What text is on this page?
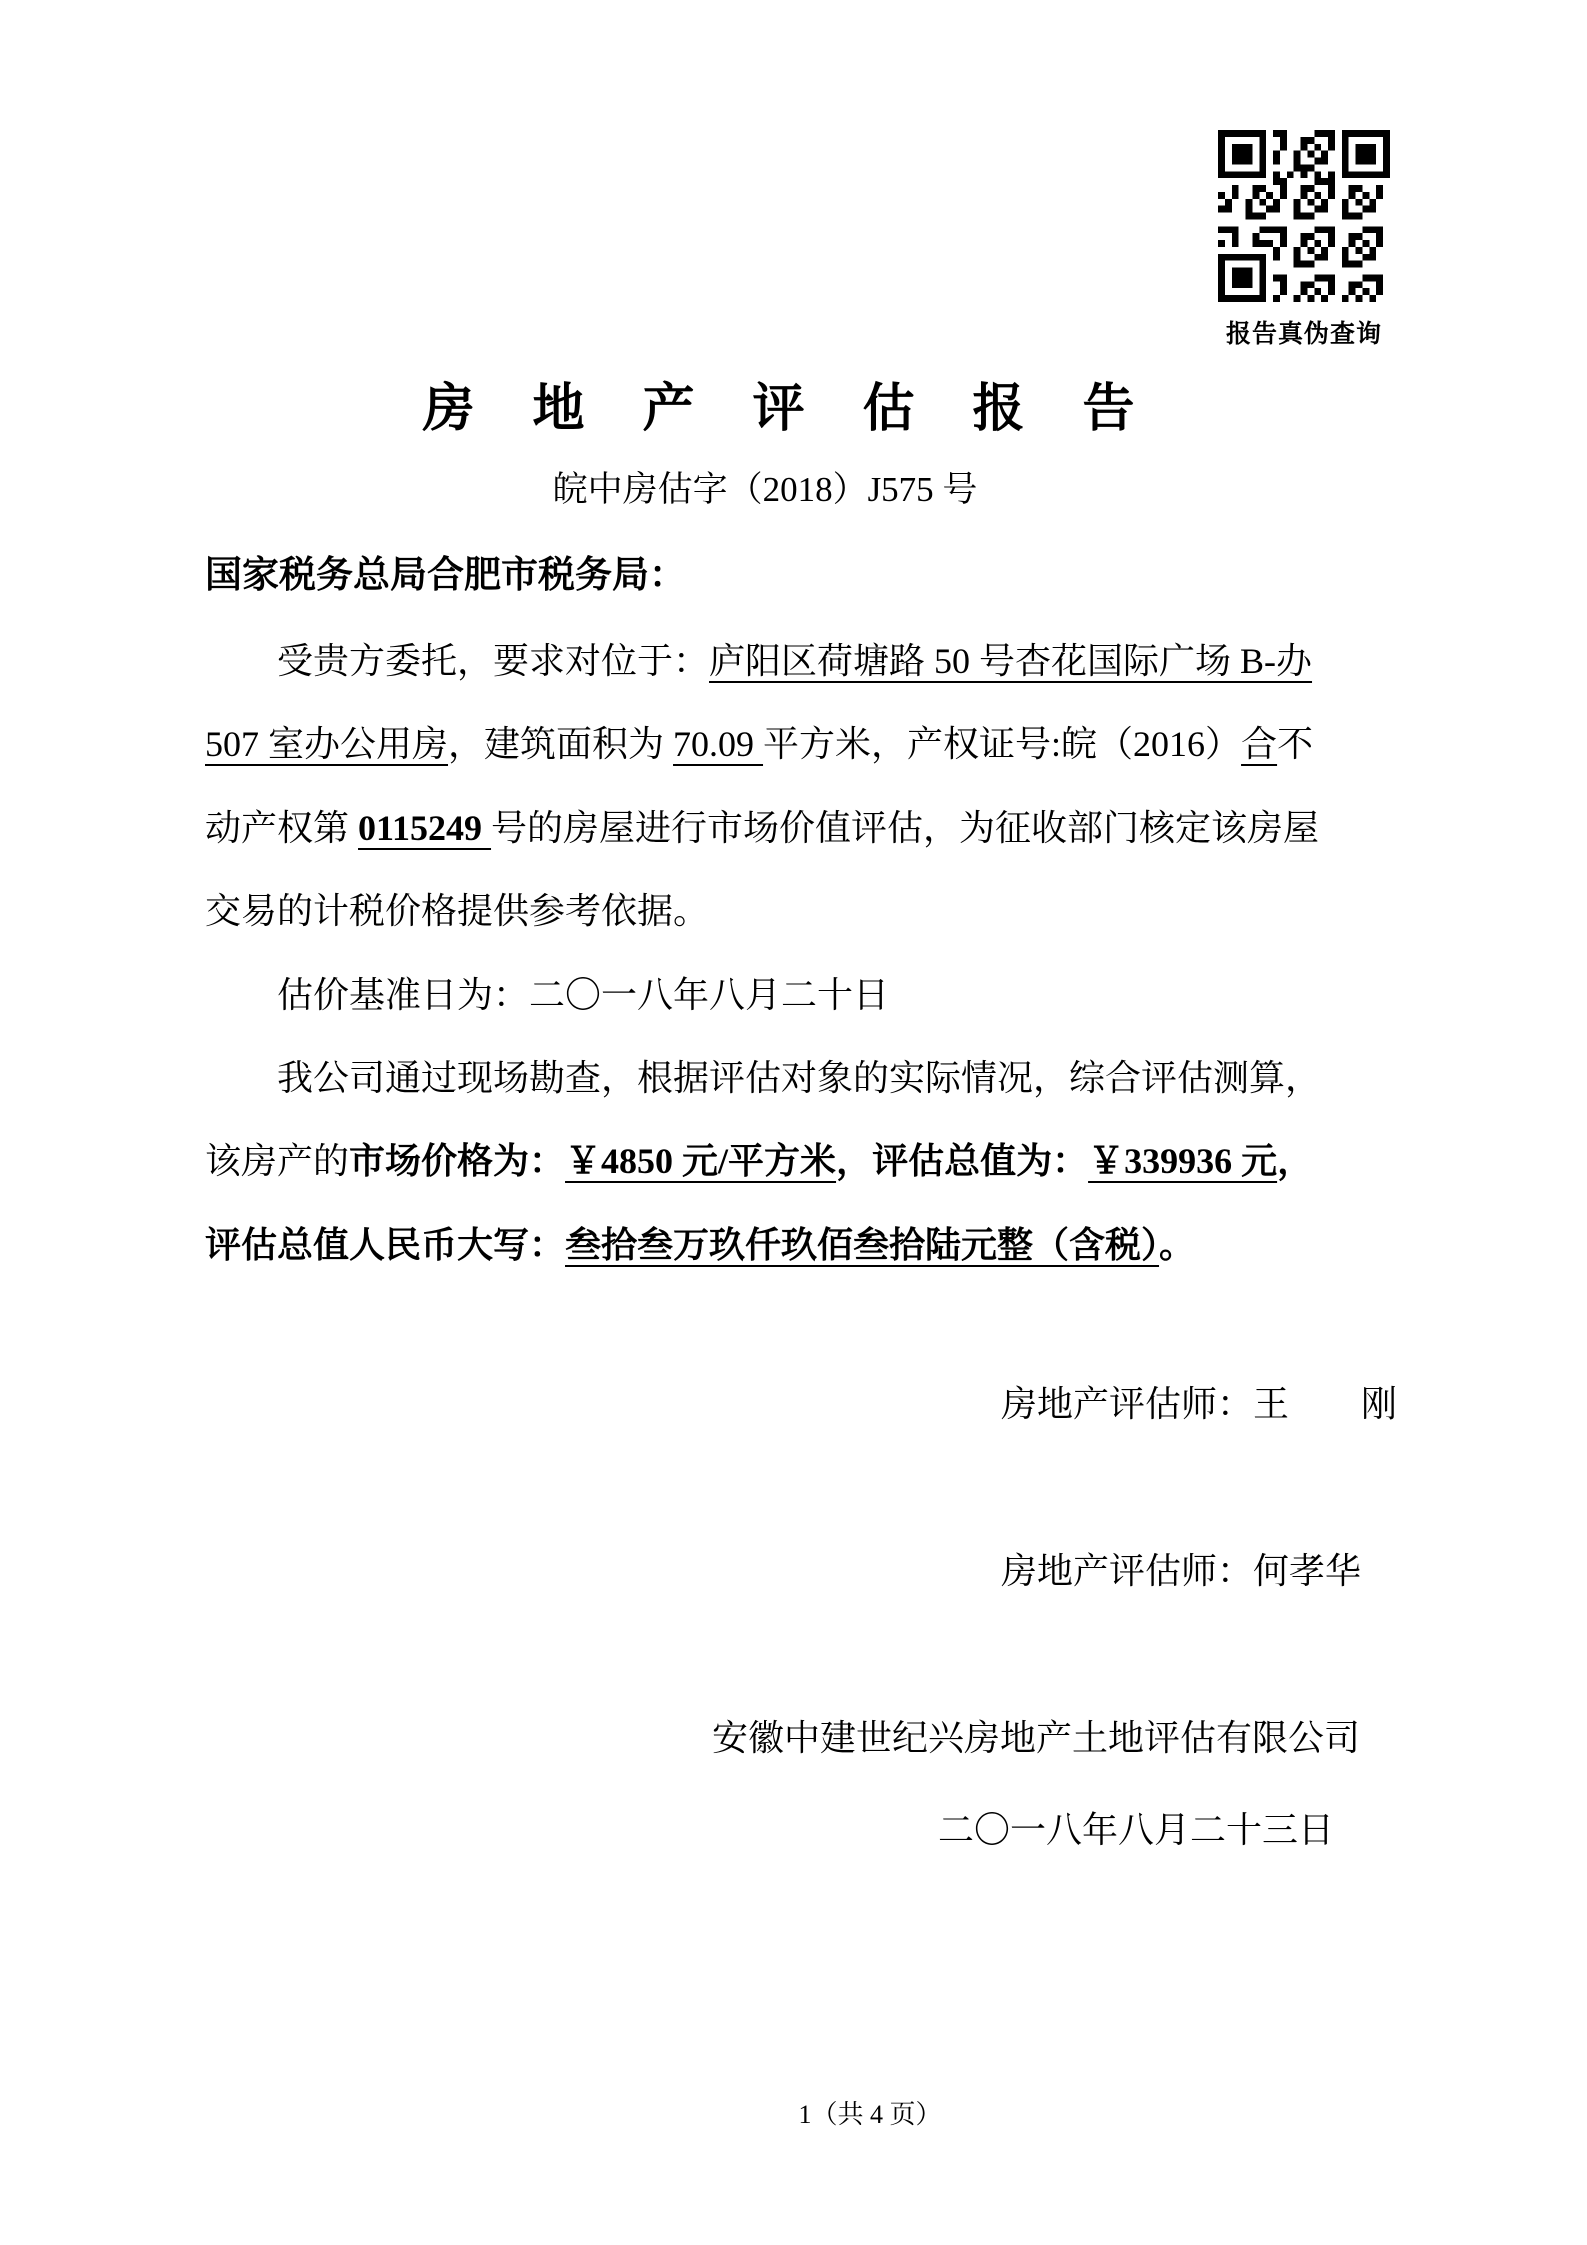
报告真伪查询
房　地　产　评　估　报　告
皖中房估字（2018）J575 号
国家税务总局合肥市税务局：
受贵方委托，要求对位于：庐阳区荷塘路 50 号杏花国际广场 B-办
507 室办公用房，建筑面积为 70.09 平方米，产权证号:皖（2016）合不
动产权第 0115249 号的房屋进行市场价值评估，为征收部门核定该房屋
交易的计税价格提供参考依据。
估价基准日为：二〇一八年八月二十日
我公司通过现场勘查，根据评估对象的实际情况，综合评估测算，
该房产的市场价格为：￥4850 元/平方米，评估总值为：￥339936 元，
评估总值人民币大写：叁拾叁万玖仟玖佰叁拾陆元整（含税）。
房地产评估师：王　　刚
房地产评估师：何孝华
安徽中建世纪兴房地产土地评估有限公司
二〇一八年八月二十三日
1（共 4 页）
